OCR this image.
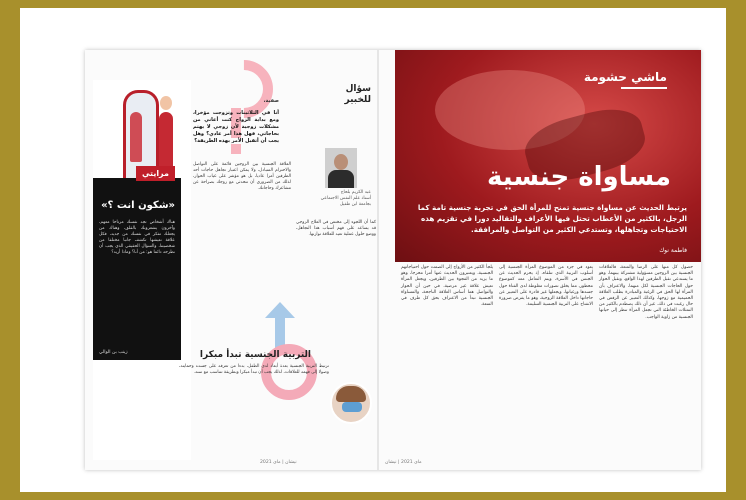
ماشي حشومة
مساواة جنسية
يرتبط الحديث عن مساواة جنسية تمنح للمرأة الحق في تجربة جنسية تامة كما الرجل، بالكثير من الأعطاب تحتل فيها الأعراف والتقاليد دورا في تقزيم هذه الاحتياجات وتجاهلها، وتستدعي الكثير من التواصل والمرافقة.
فاطمة نوك
حصول كل منها على الرضا والمتعة، فالعلاقات الجنسية بين الزوجين مسؤولية مشتركة بينهما، وهو ما يستدعي تقبل الطرفين لهذا الواقع، وتقبل الحوار حول الحاجات الجنسية لكل منهما، والاعتراف بأن المرأة لها الحق في الرغبة والمبادرة بطلب العلاقة الحميمية مع زوجها، وكذلك التعبير عن الرفض في حال رغبت في ذلك. غير أن ذلك يصطدم بالكثير من التمثلات الخاطئة التي تجعل المرأة تنظر إلى حياتها الجنسية من زاوية الواجب.
يعود في جزء من الموضوع المرأة الجنسية إلى أسلوب التربية الذي تتلقاه، إذ يحرم الحديث عن الجنس في الأسرة، ويتم التعامل معه كموضوع محظور، مما يخلق تصورات مغلوطة لدى الفتاة حول جسدها ورغباتها، ويجعلها غير قادرة على التعبير عن حاجاتها داخل العلاقة الزوجية، وهو ما يفرض ضرورة الانفتاح على التربية الجنسية السليمة.
يلجأ الكثير من الأزواج إلى الصمت حول احتياجاتهم الجنسية، ويعتبرون الحديث عنها أمرا محرجا، وهو ما يزيد من الفجوة بين الطرفين، ويجعل المرأة تعيش علاقة غير مرضية، في حين أن الحوار والتواصل هما أساس العلاقة الناجحة، والمساواة الجنسية تبدأ من الاعتراف بحق كل طرف في المتعة.
ماي 2021 | نيشان
مرايتي
«شكون انت ؟»
هناك أشخاص تجد نفسك مرتاحا معهم، وآخرون يشعرونك بالقلق، وهناك من يجعلك تفكر في نفسك من جديد، فكل علاقة نعيشها تكشف جانبا مختلفا من شخصيتنا، والسؤال الحقيقي الذي يجب أن نطرحه دائما هو: من أنا؟ وماذا أريد؟
زينب بن الوالي
سؤال
للخبير
عبد الكريم بلحاج
أستاذ علم النفس الاجتماعي بجامعة ابن طفيل
صفية،
أنا في الثلاثينات وتزوجت مؤخرا، ومع بداية الزواج كنت أعاني من مشكلات زوجية لأن زوجي لا يهتم بحاجاتي، فهل هذا أمر عادي؟ وهل يجب أن أتقبل الأمر بهذه الطريقة؟
العلاقة الجنسية بين الزوجين قائمة على التواصل والاحترام المتبادل، ولا يمكن اعتبار تجاهل حاجات أحد الطرفين أمرا عاديا، بل هو مؤشر على غياب الحوار، لذلك من الضروري أن تتحدثي مع زوجك بصراحة عن مشاعرك وحاجاتك.
كما أن اللجوء إلى مختص في العلاج الزوجي قد يساعد على فهم أسباب هذا التجاهل، ووضع حلول عملية تعيد للعلاقة توازنها.
التربية الجنسية تبدأ مبكرا
ترتبط التربية الجنسية بعدة أبعاد لدى الطفل، بدءا من تعرفه على جسده وحمايته، وصولا إلى فهمه للعلاقات، لذلك يجب أن تبدأ مبكرا وبطريقة تتناسب مع سنه.
نيشان | ماي 2021
